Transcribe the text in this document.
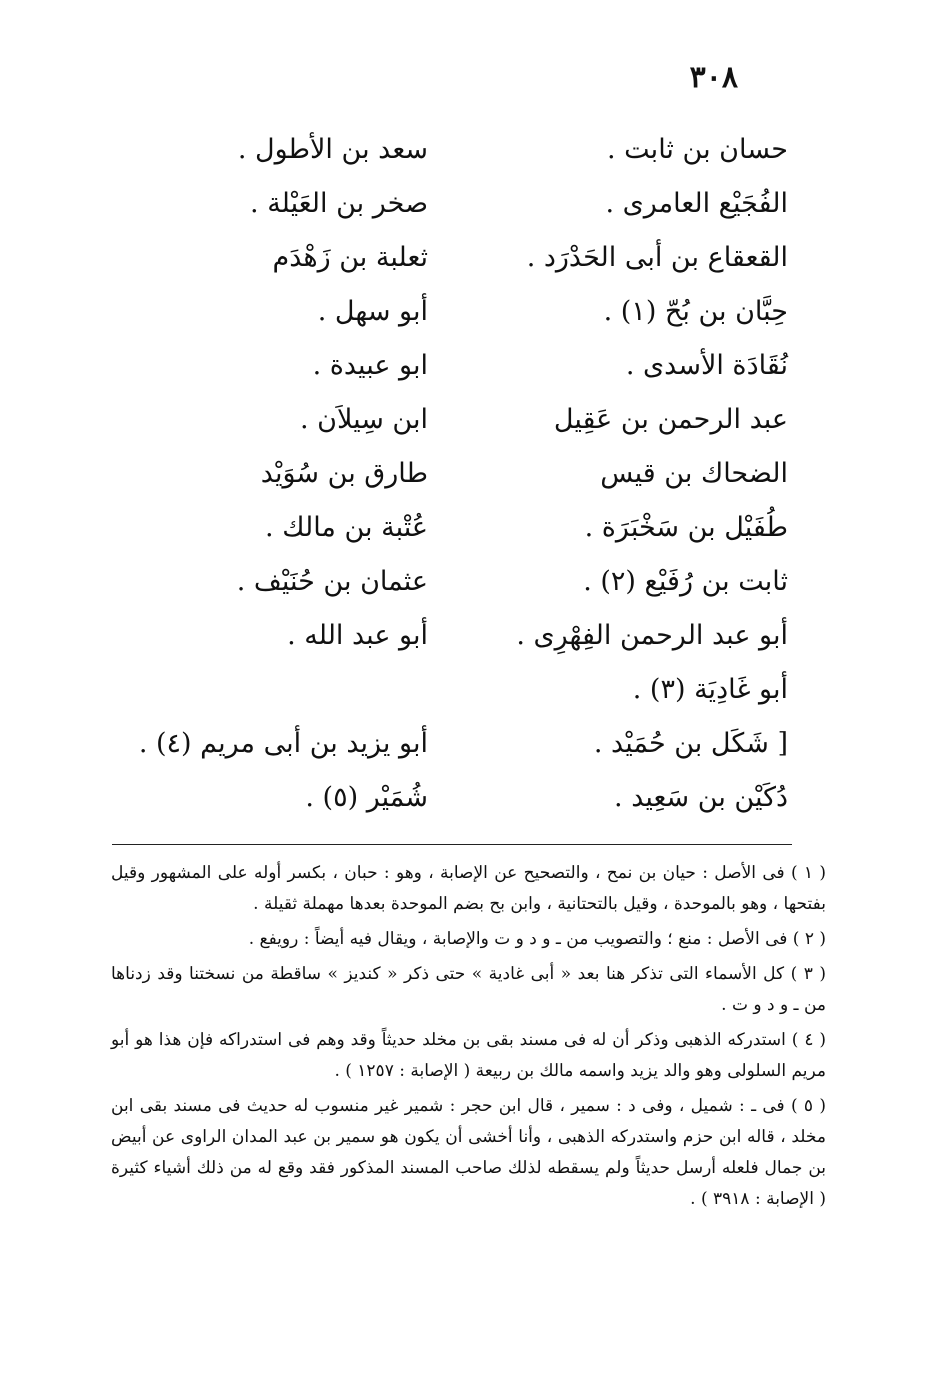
٣٠٨
حسان بن ثابت .
سعد بن الأطول .
الفُجَيْع العامرى .
صخر بن العَيْلة .
القعقاع بن أبى الحَدْرَد .
ثعلبة بن زَهْدَم
حِبَّان بن بُحّ (١) .
أبو سهل .
نُقَادَة الأسدى .
ابو عبيدة .
عبد الرحمن بن عَقِيل
ابن سِيلاَن .
الضحاك بن قيس
طارق بن سُوَيْد
طُفَيْل بن سَخْبَرَة .
عُتْبة بن مالك .
ثابت بن رُفَيْع (٢) .
عثمان بن حُنَيْف .
أبو عبد الرحمن الفِهْرِى .
أبو عبد الله .
أبو غَادِيَة (٣) .
[ شَكَل بن حُمَيْد .
أبو يزيد بن أبى مريم (٤) .
دُكَيْن بن سَعِيد .
شُمَيْر (٥) .
( ١ ) فى الأصل : حيان بن نمح ، والتصحيح عن الإصابة ، وهو : حبان ، بكسر أوله على المشهور وقيل بفتحها ، وهو بالموحدة ، وقيل بالتحتانية ، وابن بح بضم الموحدة بعدها مهملة ثقيلة .
( ٢ ) فى الأصل : منع ؛ والتصويب من ـ و د و ت والإصابة ، ويقال فيه أيضاً : رويفع .
( ٣ ) كل الأسماء التى تذكر هنا بعد « أبى غادية » حتى ذكر « كنديز » ساقطة من نسختنا وقد زدناها من ـ و د و ت .
( ٤ ) استدركه الذهبى وذكر أن له فى مسند بقى بن مخلد حديثاً وقد وهم فى استدراكه فإن هذا هو أبو مريم السلولى وهو والد يزيد واسمه مالك بن ربيعة ( الإصابة : ١٢٥٧ ) .
( ٥ ) فى ـ : شميل ، وفى د : سمير ، قال ابن حجر : شمير غير منسوب له حديث فى مسند بقى ابن مخلد ، قاله ابن حزم واستدركه الذهبى ، وأنا أخشى أن يكون هو سمير بن عبد المدان الراوى عن أبيض بن جمال فلعله أرسل حديثاً ولم يسقطه لذلك صاحب المسند المذكور فقد وقع له من ذلك أشياء كثيرة ( الإصابة : ٣٩١٨ ) .
